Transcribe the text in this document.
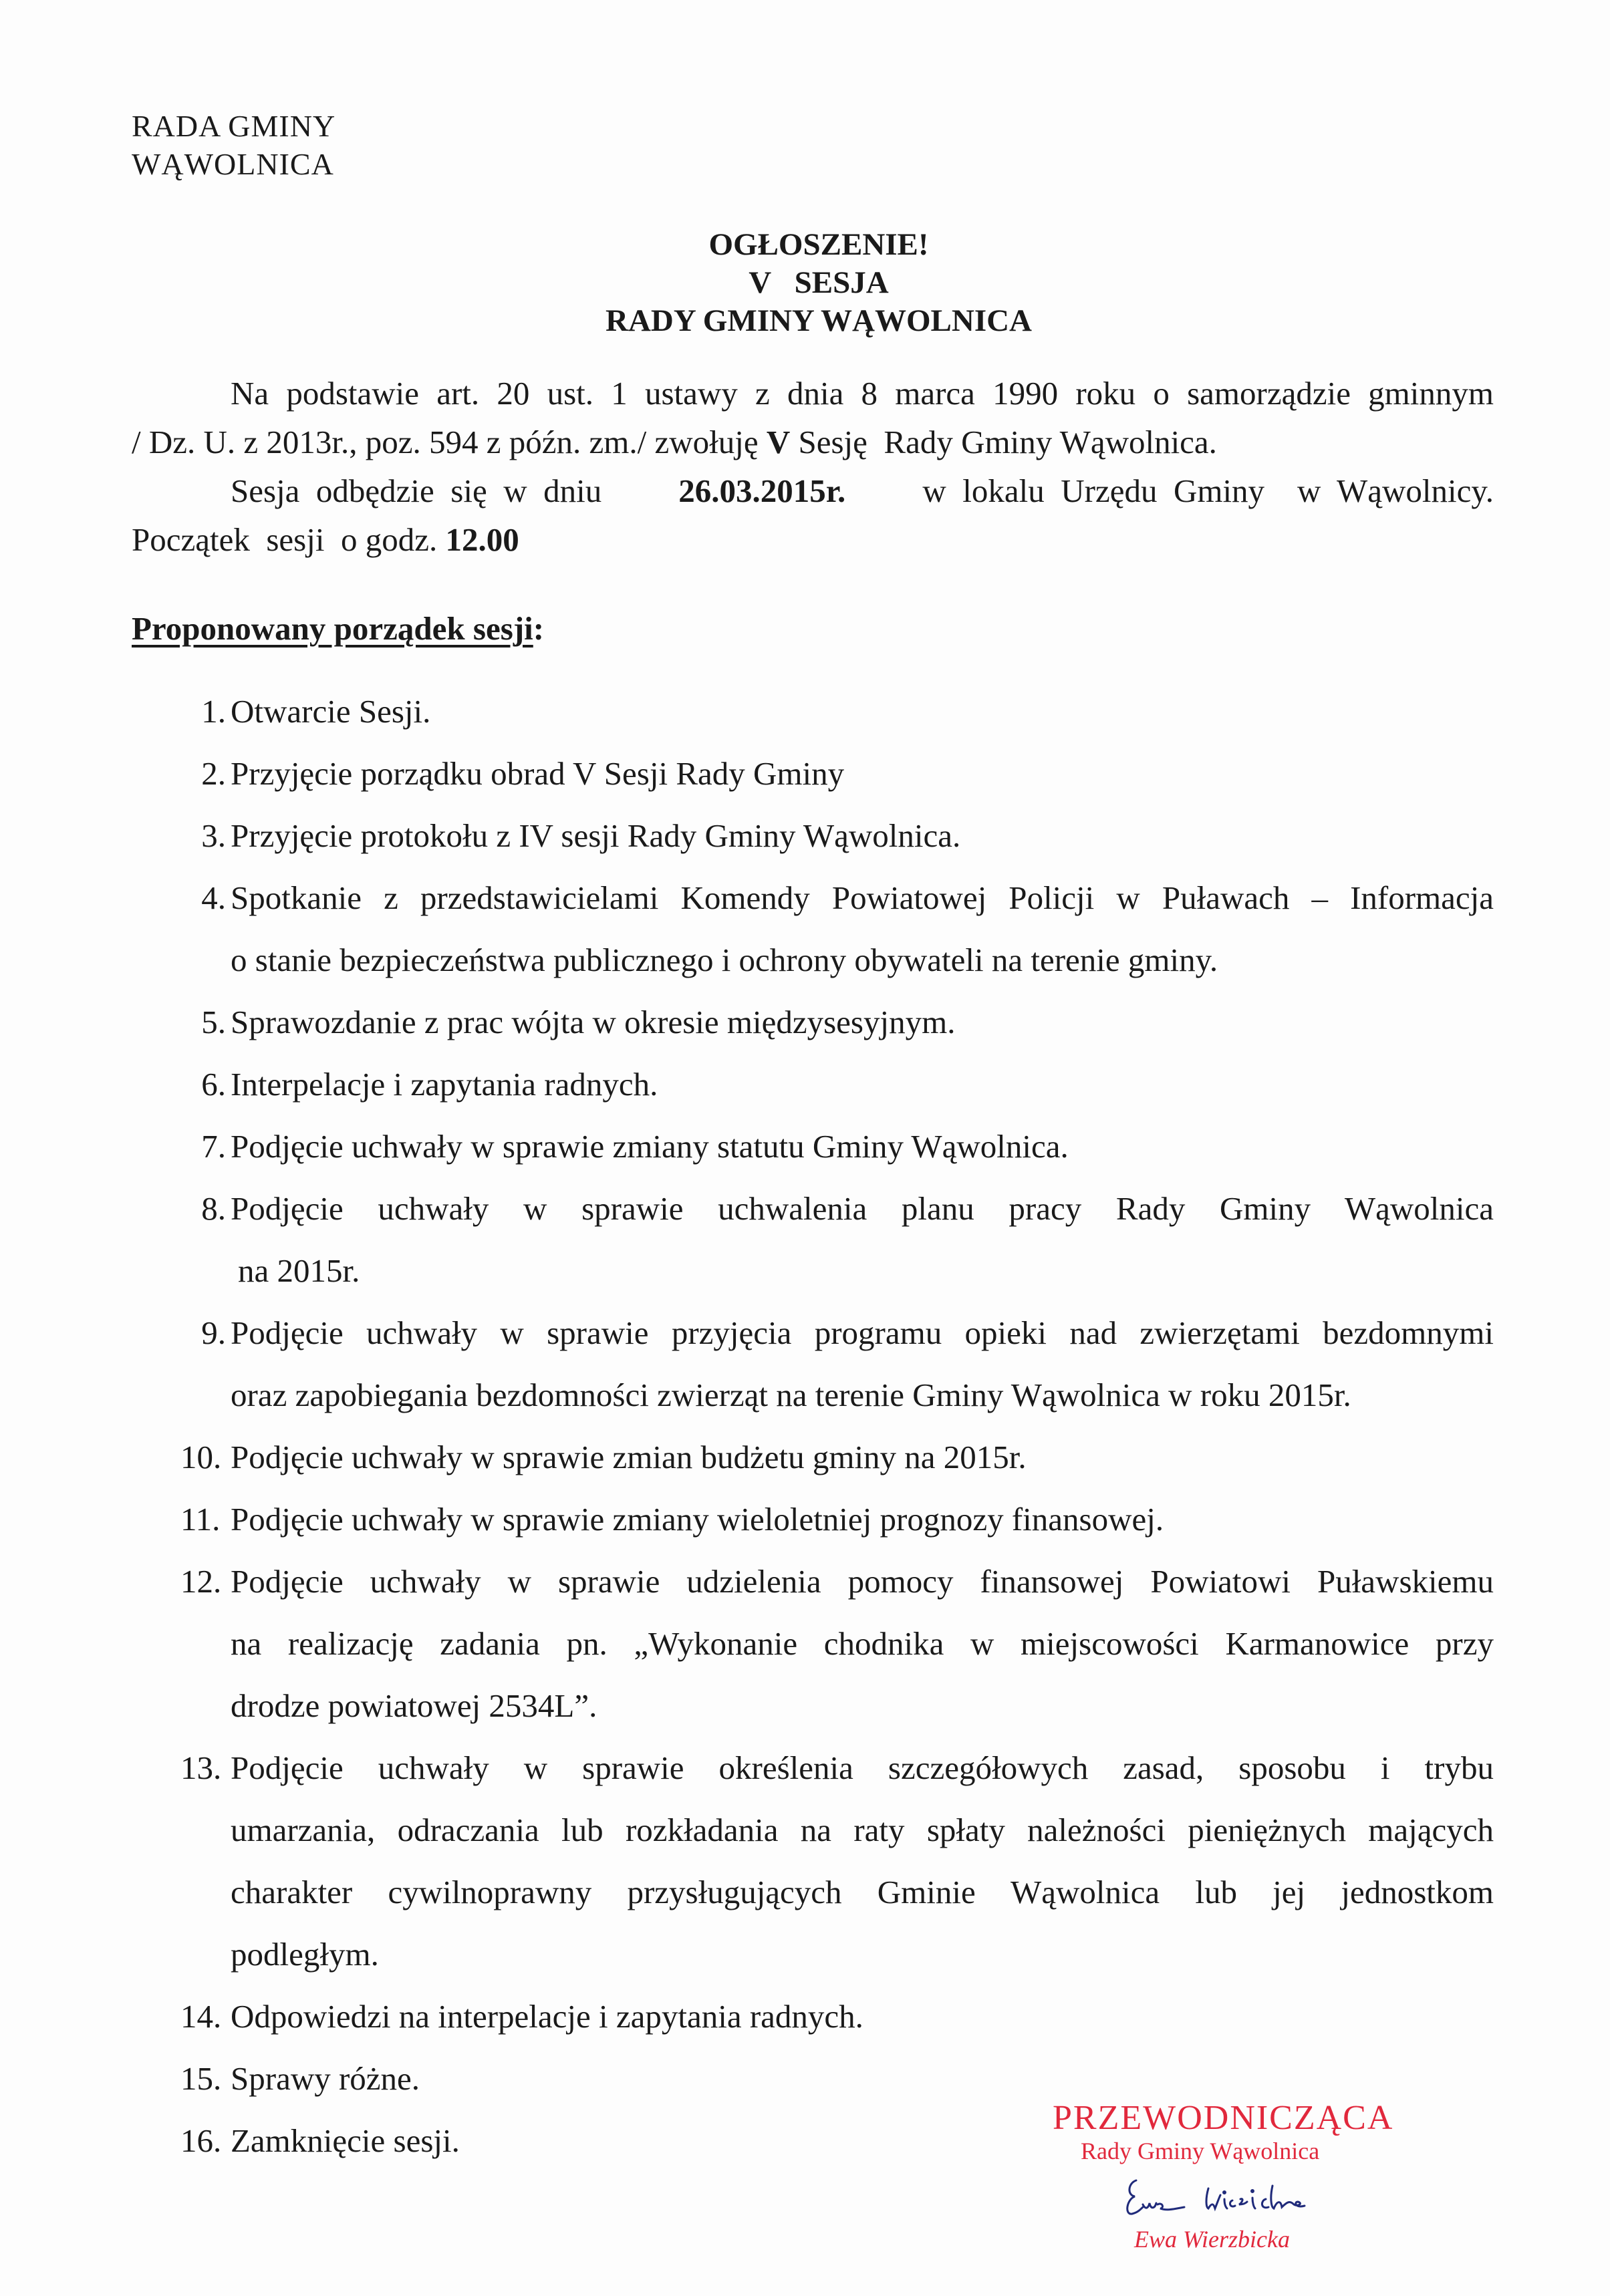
RADA GMINY
WĄWOLNICA
OGŁOSZENIE!
V   SESJA
RADY GMINY WĄWOLNICA
Na podstawie art. 20 ust. 1 ustawy z dnia 8 marca 1990 roku o samorządzie gminnym
/ Dz. U. z 2013r., poz. 594 z późn. zm./ zwołuję V Sesję  Rady Gminy Wąwolnica.
Sesja  odbędzie  się  w  dniu 26.03.2015r. w  lokalu  Urzędu  Gminy    w  Wąwolnicy.
Początek  sesji  o godz. 12.00
Proponowany porządek sesji:
1. Otwarcie Sesji.
2. Przyjęcie porządku obrad V Sesji Rady Gminy
3. Przyjęcie protokołu z IV sesji Rady Gminy Wąwolnica.
4. Spotkanie z przedstawicielami Komendy Powiatowej Policji w Puławach – Informacja
o stanie bezpieczeństwa publicznego i ochrony obywateli na terenie gminy.
5. Sprawozdanie z prac wójta w okresie międzysesyjnym.
6. Interpelacje i zapytania radnych.
7. Podjęcie uchwały w sprawie zmiany statutu Gminy Wąwolnica.
8. Podjęcie uchwały w sprawie uchwalenia planu pracy Rady Gminy Wąwolnica
na 2015r.
9. Podjęcie uchwały w sprawie przyjęcia programu opieki nad zwierzętami bezdomnymi
oraz zapobiegania bezdomności zwierząt na terenie Gminy Wąwolnica w roku 2015r.
10. Podjęcie uchwały w sprawie zmian budżetu gminy na 2015r.
11. Podjęcie uchwały w sprawie zmiany wieloletniej prognozy finansowej.
12. Podjęcie uchwały w sprawie udzielenia pomocy finansowej Powiatowi Puławskiemu
na realizację zadania pn. „Wykonanie chodnika w miejscowości Karmanowice przy
drodze powiatowej 2534L”.
13. Podjęcie uchwały w sprawie określenia szczegółowych zasad, sposobu i trybu
umarzania, odraczania lub rozkładania na raty spłaty należności pieniężnych mających
charakter cywilnoprawny przysługujących Gminie Wąwolnica lub jej jednostkom
podległym.
14. Odpowiedzi na interpelacje i zapytania radnych.
15. Sprawy różne.
16. Zamknięcie sesji.
PRZEWODNICZĄCA
Rady Gminy Wąwolnica
Ewa Wierzbicka
